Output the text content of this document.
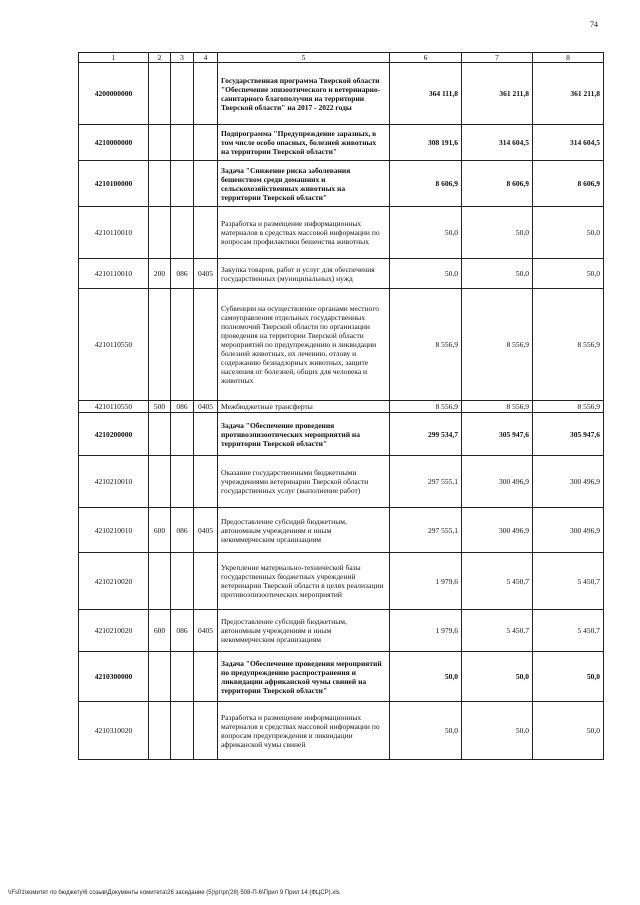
74
1	2	3	4	5	6	7	8
4200000000				Государственная программа Тверской области "Обеспечение эпизоотического и ветеринарно-санитарного благополучия на территории Тверской области" на 2017 - 2022 годы	364 111,8	361 211,8	361 211,8
4210000000				Подпрограмма "Предупреждение заразных, в том числе особо опасных, болезней животных на территории Тверской области"	308 191,6	314 604,5	314 604,5
4210100000				Задача "Снижение риска заболевания бешенством среди домашних и сельскохозяйственных животных на территории Тверской области"	8 606,9	8 606,9	8 606,9
4210110010				Разработка и размещение информационных материалов в средствах массовой информации по вопросам профилактики бешенства животных	50,0	50,0	50,0
4210110010	200	086	0405	Закупка товаров, работ и услуг для обеспечения государственных (муниципальных) нужд	50,0	50,0	50,0
4210110550				Субвенции на осуществление органами местного самоуправления отдельных государственных полномочий Тверской области по организации проведения на территории Тверской области мероприятий по предупреждению и ликвидации болезней животных, их лечению, отлову и содержанию безнадзорных животных, защите населения от болезней, общих для человека и животных	8 556,9	8 556,9	8 556,9
4210110550	500	086	0405	Межбюджетные трансферты	8 556,9	8 556,9	8 556,9
4210200000				Задача "Обеспечение проведения противоэпизоотических мероприятий на территории Тверской области"	299 534,7	305 947,6	305 947,6
4210210010				Оказание государственными бюджетными учреждениями ветеринарии Тверской области государственных услуг (выполнение работ)	297 555,1	300 496,9	300 496,9
4210210010	600	086	0405	Предоставление субсидий бюджетным, автономным учреждениям и иным некоммерческим организациям	297 555,1	300 496,9	300 496,9
4210210020				Укрепление материально-технической базы государственных бюджетных учреждений ветеринарии Тверской области в целях реализации противоэпизоотических мероприятий	1 979,6	5 450,7	5 450,7
4210210020	600	086	0405	Предоставление субсидий бюджетным, автономным учреждениям и иным некоммерческим организациям	1 979,6	5 450,7	5 450,7
4210300000				Задача "Обеспечение проведения мероприятий по предупреждению распространения и ликвидации африканской чумы свиней на территории Тверской области"	50,0	50,0	50,0
4210310020				Разработка и размещение информационных материалов в средствах массовой информации по вопросам предупреждения и ликвидации африканской чумы свиней	50,0	50,0	50,0
\\Fs01\комитет по бюджету\6 созыв\Документы комитета\26 заседание (5)\рг\рг(28) 508-П-6\Прил 9 Прил 14 (ФЦСР).xls
